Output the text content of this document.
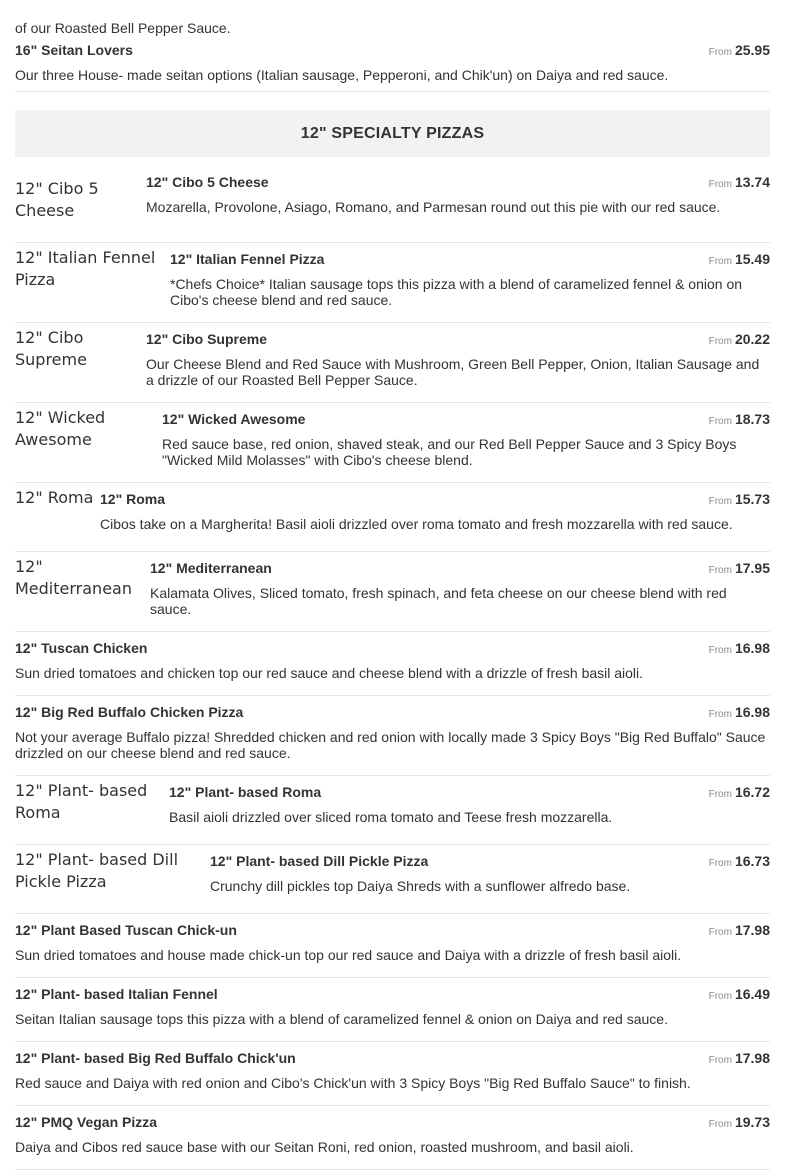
of our Roasted Bell Pepper Sauce.
16" Seitan Lovers	From 25.95
Our three House- made seitan options (Italian sausage, Pepperoni, and Chik'un) on Daiya and red sauce.
12" SPECIALTY PIZZAS
12" Cibo 5 Cheese
12" Cibo 5 Cheese	From 13.74
Mozarella, Provolone, Asiago, Romano, and Parmesan round out this pie with our red sauce.
12" Italian Fennel Pizza
12" Italian Fennel Pizza	From 15.49
*Chefs Choice* Italian sausage tops this pizza with a blend of caramelized fennel & onion on Cibo's cheese blend and red sauce.
12" Cibo Supreme
12" Cibo Supreme	From 20.22
Our Cheese Blend and Red Sauce with Mushroom, Green Bell Pepper, Onion, Italian Sausage and a drizzle of our Roasted Bell Pepper Sauce.
12" Wicked Awesome
12" Wicked Awesome	From 18.73
Red sauce base, red onion, shaved steak, and our Red Bell Pepper Sauce and 3 Spicy Boys "Wicked Mild Molasses" with Cibo's cheese blend.
12" Roma 12" Roma	From 15.73
Cibos take on a Margherita! Basil aioli drizzled over roma tomato and fresh mozzarella with red sauce.
12" Mediterranean
12" Mediterranean	From 17.95
Kalamata Olives, Sliced tomato, fresh spinach, and feta cheese on our cheese blend with red sauce.
12" Tuscan Chicken	From 16.98
Sun dried tomatoes and chicken top our red sauce and cheese blend with a drizzle of fresh basil aioli.
12" Big Red Buffalo Chicken Pizza	From 16.98
Not your average Buffalo pizza! Shredded chicken and red onion with locally made 3 Spicy Boys "Big Red Buffalo" Sauce drizzled on our cheese blend and red sauce.
12" Plant- based Roma
12" Plant- based Roma	From 16.72
Basil aioli drizzled over sliced roma tomato and Teese fresh mozzarella.
12" Plant- based Dill Pickle Pizza
12" Plant- based Dill Pickle Pizza	From 16.73
Crunchy dill pickles top Daiya Shreds with a sunflower alfredo base.
12" Plant Based Tuscan Chick-un	From 17.98
Sun dried tomatoes and house made chick-un top our red sauce and Daiya with a drizzle of fresh basil aioli.
12" Plant- based Italian Fennel	From 16.49
Seitan Italian sausage tops this pizza with a blend of caramelized fennel & onion on Daiya and red sauce.
12" Plant- based Big Red Buffalo Chick'un	From 17.98
Red sauce and Daiya with red onion and Cibo's Chick'un with 3 Spicy Boys "Big Red Buffalo Sauce" to finish.
12" PMQ Vegan Pizza	From 19.73
Daiya and Cibos red sauce base with our Seitan Roni, red onion, roasted mushroom, and basil aioli.
